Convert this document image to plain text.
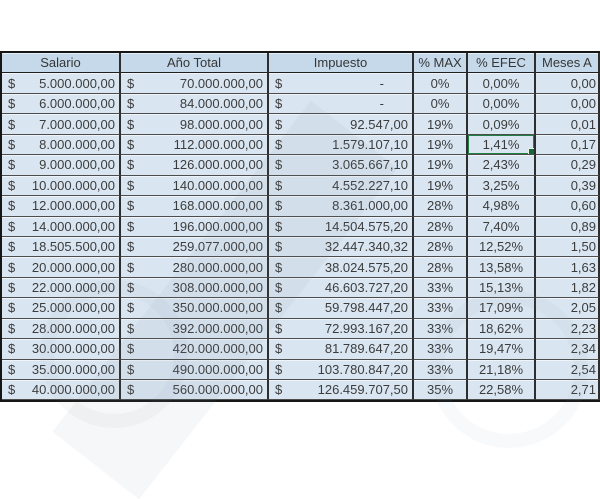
Salario	Año Total	Impuesto	% MAX	% EFEC	Meses A
$ 5.000.000,00 $	70.000.000,00 $	-	0%	0,00%	0,00
$ 6.000.000,00 $	84.000.000,00 $	-	0%	0,00%	0,00
$ 7.000.000,00 $	98.000.000,00 $	92.547,00	19%	0,09%	0,01
$ 8.000.000,00 $	112.000.000,00 $	1.579.107,10	19%	1,41%	0,17
$ 9.000.000,00 $	126.000.000,00 $	3.065.667,10	19%	2,43%	0,29
$ 10.000.000,00 $	140.000.000,00 $	4.552.227,10	19%	3,25%	0,39
$ 12.000.000,00 $	168.000.000,00 $	8.361.000,00	28%	4,98%	0,60
$ 14.000.000,00 $	196.000.000,00 $	14.504.575,20	28%	7,40%	0,89
$ 18.505.500,00 $	259.077.000,00 $	32.447.340,32	28%	12,52%	1,50
$ 20.000.000,00 $	280.000.000,00 $	38.024.575,20	28%	13,58%	1,63
$ 22.000.000,00 $	308.000.000,00 $	46.603.727,20	33%	15,13%	1,82
$ 25.000.000,00 $	350.000.000,00 $	59.798.447,20	33%	17,09%	2,05
$ 28.000.000,00 $	392.000.000,00 $	72.993.167,20	33%	18,62%	2,23
$ 30.000.000,00 $	420.000.000,00 $	81.789.647,20	33%	19,47%	2,34
$ 35.000.000,00 $	490.000.000,00 $	103.780.847,20	33%	21,18%	2,54
$ 40.000.000,00 $	560.000.000,00 $	126.459.707,50	35%	22,58%	2,71
